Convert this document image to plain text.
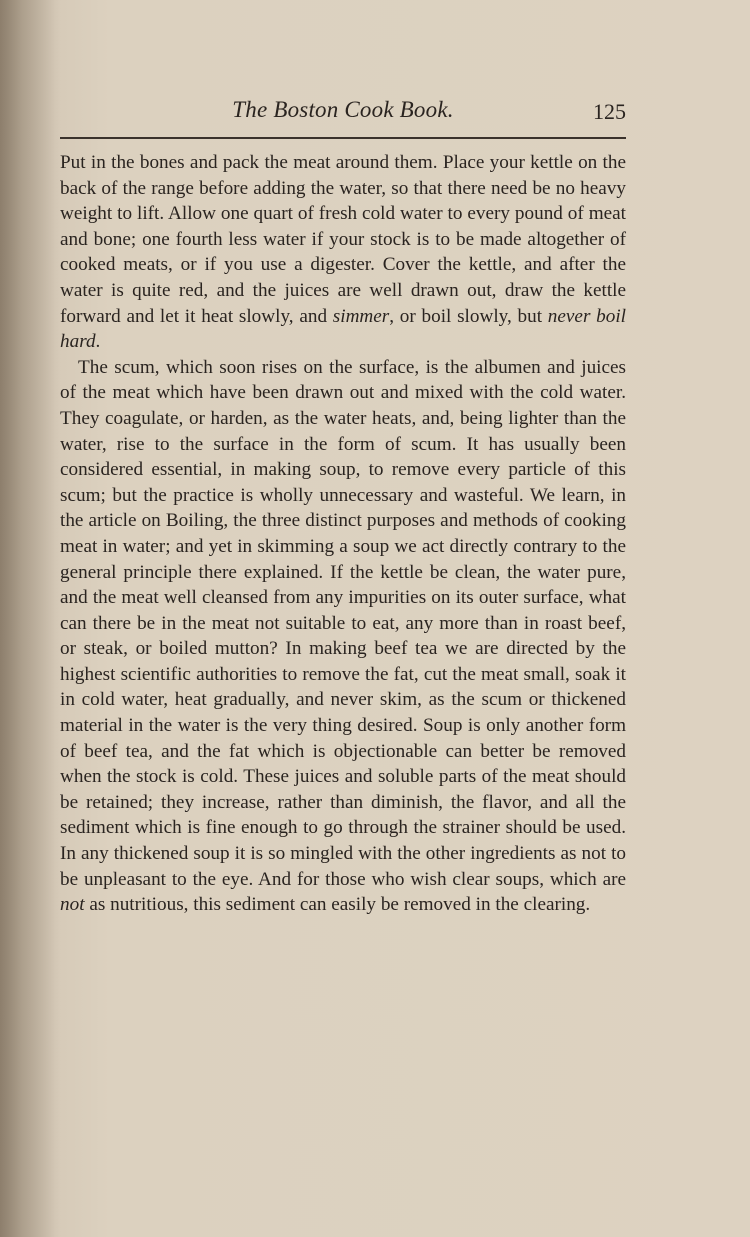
The Boston Cook Book.	125

Put in the bones and pack the meat around them. Place your kettle on the back of the range before adding the water, so that there need be no heavy weight to lift. Allow one quart of fresh cold water to every pound of meat and bone; one fourth less water if your stock is to be made altogether of cooked meats, or if you use a digester. Cover the kettle, and after the water is quite red, and the juices are well drawn out, draw the kettle forward and let it heat slowly, and simmer, or boil slowly, but never boil hard.

The scum, which soon rises on the surface, is the albumen and juices of the meat which have been drawn out and mixed with the cold water. They coagulate, or harden, as the water heats, and, being lighter than the water, rise to the surface in the form of scum. It has usually been considered essential, in making soup, to remove every particle of this scum; but the practice is wholly unnecessary and wasteful. We learn, in the article on Boiling, the three distinct purposes and methods of cooking meat in water; and yet in skimming a soup we act directly contrary to the general principle there explained. If the kettle be clean, the water pure, and the meat well cleansed from any impurities on its outer surface, what can there be in the meat not suitable to eat, any more than in roast beef, or steak, or boiled mutton? In making beef tea we are directed by the highest scientific authorities to remove the fat, cut the meat small, soak it in cold water, heat gradually, and never skim, as the scum or thickened material in the water is the very thing desired. Soup is only another form of beef tea, and the fat which is objectionable can better be removed when the stock is cold. These juices and soluble parts of the meat should be retained; they increase, rather than diminish, the flavor, and all the sediment which is fine enough to go through the strainer should be used. In any thickened soup it is so mingled with the other ingredients as not to be unpleasant to the eye. And for those who wish clear soups, which are not as nutritious, this sediment can easily be removed in the clearing.
